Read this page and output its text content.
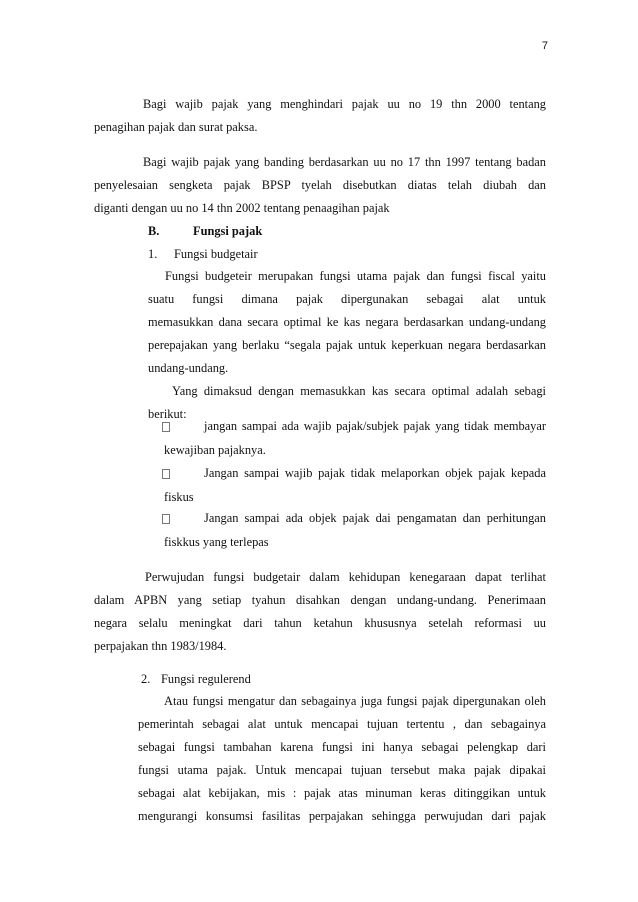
7
Bagi wajib pajak yang menghindari pajak uu no 19 thn 2000 tentang
penagihan pajak dan surat paksa.
Bagi wajib pajak yang banding berdasarkan uu no 17 thn 1997 tentang badan
penyelesaian sengketa pajak BPSP tyelah disebutkan diatas telah diubah dan
diganti dengan uu no 14 thn 2002 tentang penaagihan pajak
B.	Fungsi pajak
1. Fungsi budgetair
Fungsi budgeteir merupakan fungsi utama pajak dan fungsi fiscal yaitu
suatu fungsi dimana pajak dipergunakan sebagai alat untuk
memasukkan dana secara optimal ke kas negara berdasarkan undang-undang
perepajakan yang berlaku “segala pajak untuk keperkuan negara berdasarkan
undang-undang.
Yang dimaksud dengan memasukkan kas secara optimal adalah sebagi
berikut:
jangan sampai ada wajib pajak/subjek pajak yang tidak membayar
kewajiban pajaknya.
Jangan sampai wajib pajak tidak melaporkan objek pajak kepada
fiskus
Jangan sampai ada objek pajak dai pengamatan dan perhitungan
fiskkus yang terlepas
Perwujudan fungsi budgetair dalam kehidupan kenegaraan dapat terlihat
dalam APBN yang setiap tyahun disahkan dengan undang-undang. Penerimaan
negara selalu meningkat dari tahun ketahun khususnya setelah reformasi uu
perpajakan thn 1983/1984.
2. Fungsi regulerend
Atau fungsi mengatur dan sebagainya juga fungsi pajak dipergunakan oleh
pemerintah sebagai alat untuk mencapai tujuan tertentu , dan sebagainya
sebagai fungsi tambahan karena fungsi ini hanya sebagai pelengkap dari
fungsi utama pajak. Untuk mencapai tujuan tersebut maka pajak dipakai
sebagai alat kebijakan, mis : pajak atas minuman keras ditinggikan untuk
mengurangi konsumsi fasilitas perpajakan sehingga perwujudan dari pajak
